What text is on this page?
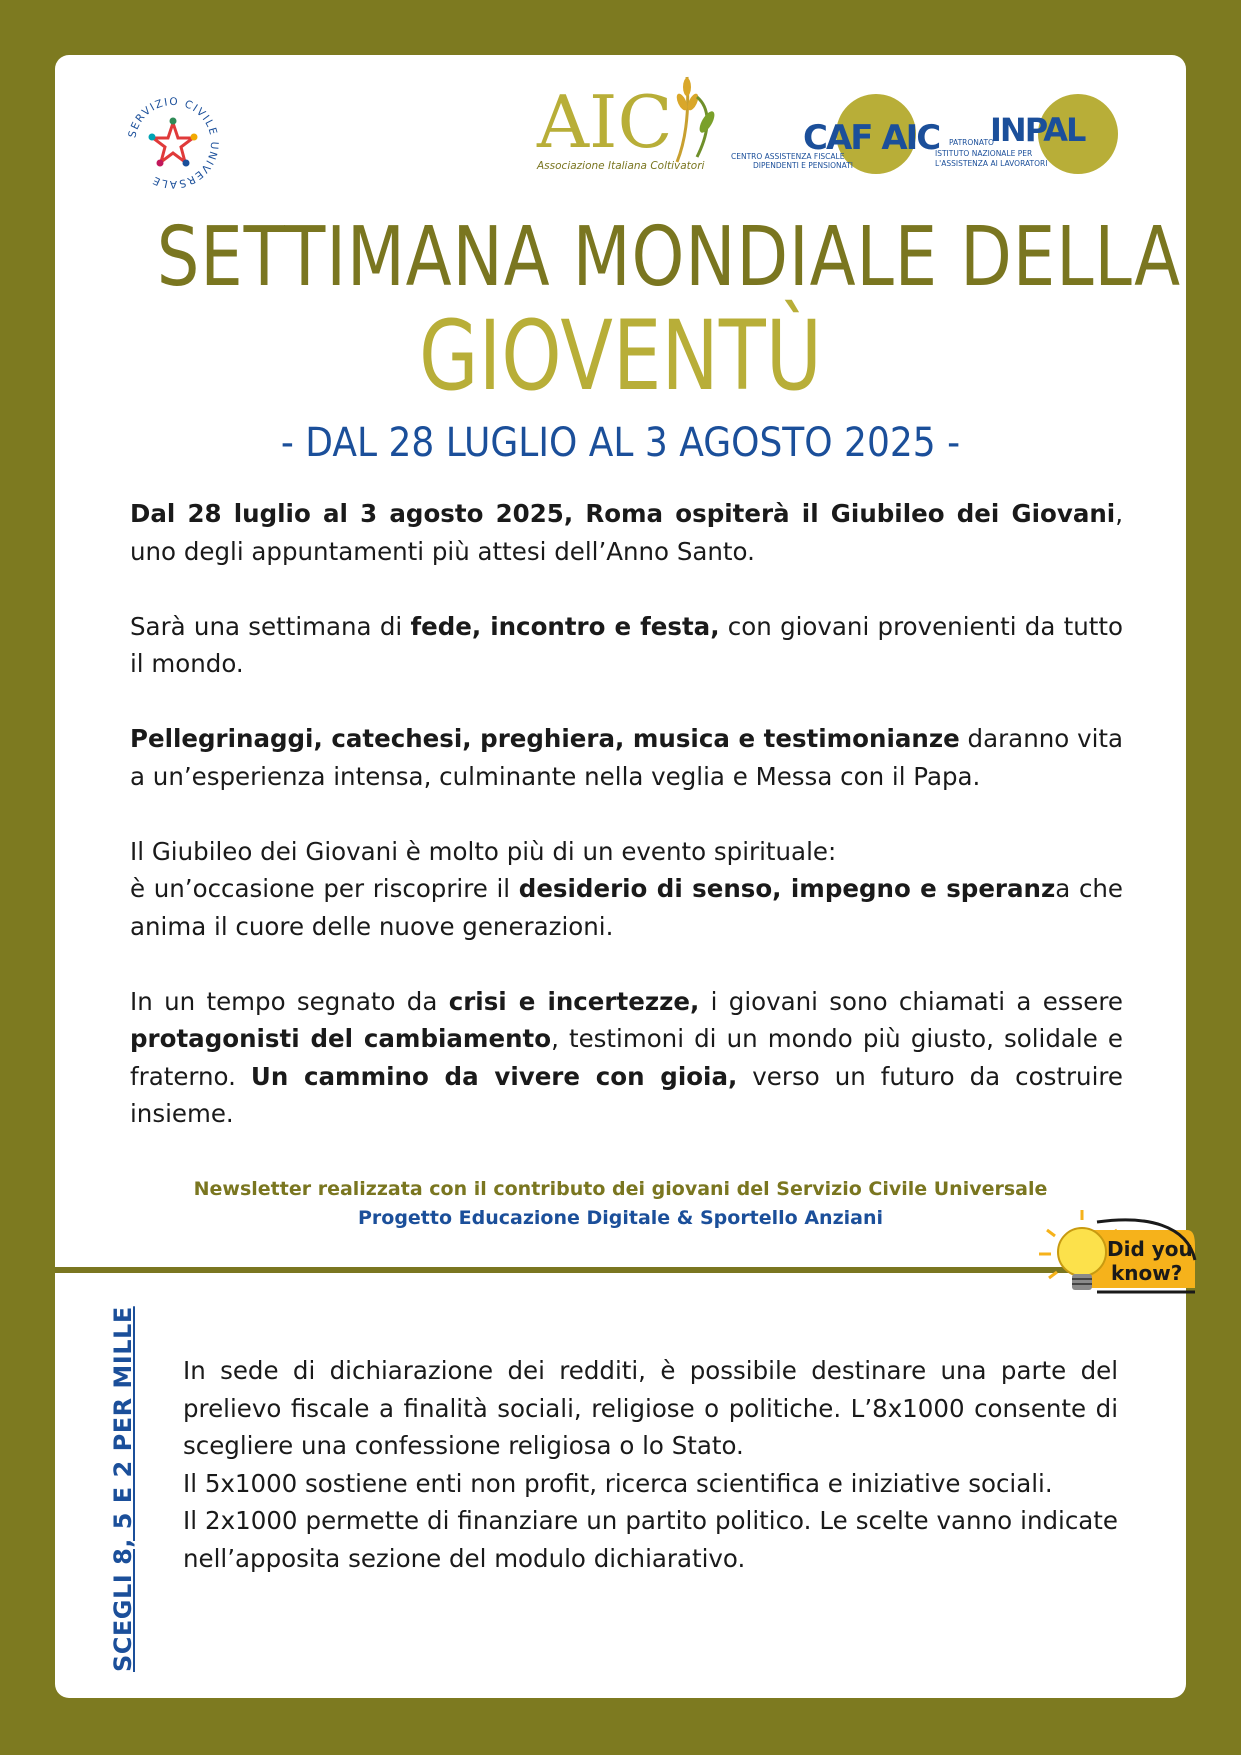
SERVIZIO CIVILE UNIVERSALE
AIC
Associazione Italiana Coltivatori
CAF AIC
CENTRO ASSISTENZA FISCALE
DIPENDENTI E PENSIONATI
INPAL
PATRONATO
ISTITUTO NAZIONALE PER
L'ASSISTENZA AI LAVORATORI
SETTIMANA MONDIALE DELLA
GIOVENTÙ
- DAL 28 LUGLIO AL 3 AGOSTO 2025 -

Dal 28 luglio al 3 agosto 2025, Roma ospiterà il Giubileo dei Giovani, uno degli appuntamenti più attesi dell’Anno Santo.

Sarà una settimana di fede, incontro e festa, con giovani provenienti da tutto il mondo.

Pellegrinaggi, catechesi, preghiera, musica e testimonianze daranno vita a un’esperienza intensa, culminante nella veglia e Messa con il Papa.

Il Giubileo dei Giovani è molto più di un evento spirituale:
è un’occasione per riscoprire il desiderio di senso, impegno e speranza che anima il cuore delle nuove generazioni.

In un tempo segnato da crisi e incertezze, i giovani sono chiamati a essere protagonisti del cambiamento, testimoni di un mondo più giusto, solidale e fraterno. Un cammino da vivere con gioia, verso un futuro da costruire insieme.

Newsletter realizzata con il contributo dei giovani del Servizio Civile Universale
Progetto Educazione Digitale & Sportello Anziani
Did you
know?
SCEGLI 8, 5 E 2 PER MILLE In sede di dichiarazione dei redditi, è possibile destinare una parte del prelievo fiscale a finalità sociali, religiose o politiche. L’8x1000 consente di scegliere una confessione religiosa o lo Stato.

Il 5x1000 sostiene enti non profit, ricerca scientifica e iniziative sociali.

Il 2x1000 permette di finanziare un partito politico. Le scelte vanno indicate nell’apposita sezione del modulo dichiarativo.
